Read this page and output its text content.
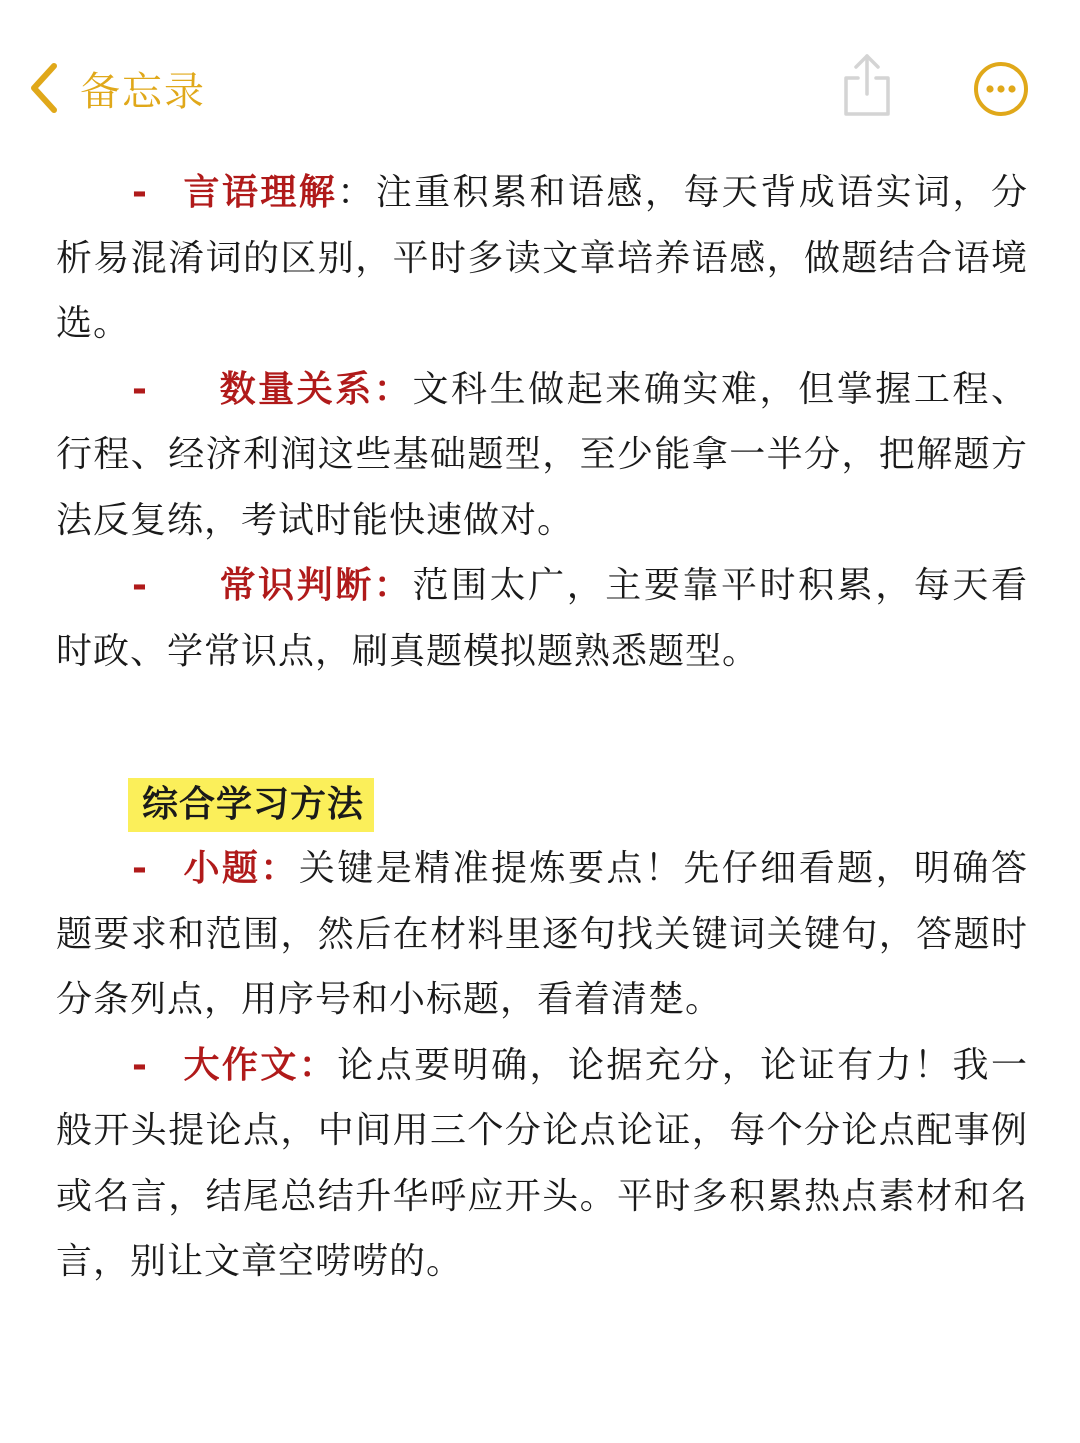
备忘录

- 言语理解：注重积累和语感，每天背成语实词，分析易混淆词的区别，平时多读文章培养语感，做题结合语境选。

- 数量关系：文科生做起来确实难，但掌握工程、行程、经济利润这些基础题型，至少能拿一半分，把解题方法反复练，考试时能快速做对。

- 常识判断：范围太广，主要靠平时积累，每天看时政、学常识点，刷真题模拟题熟悉题型。

综合学习方法

- 小题：关键是精准提炼要点！先仔细看题，明确答题要求和范围，然后在材料里逐句找关键词关键句，答题时分条列点，用序号和小标题，看着清楚。

- 大作文：论点要明确，论据充分，论证有力！我一般开头提论点，中间用三个分论点论证，每个分论点配事例或名言，结尾总结升华呼应开头。平时多积累热点素材和名言，别让文章空唠唠的。
